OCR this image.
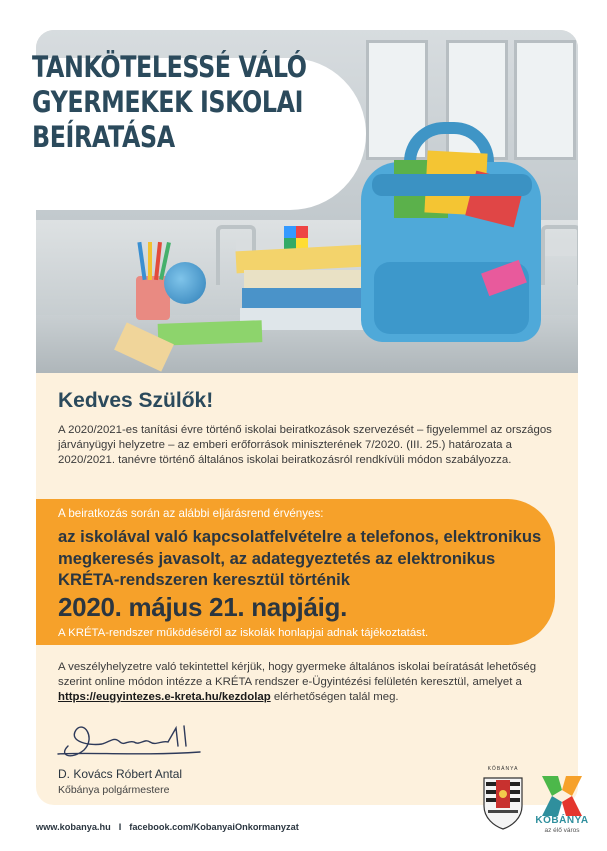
TANKÖTELESSÉ VÁLÓ
GYERMEKEK ISKOLAI
BEÍRATÁSA
Kedves Szülők!
A 2020/2021-es tanítási évre történő iskolai beiratkozások szervezését – figyelemmel az országos járványügyi helyzetre – az emberi erőforrások miniszterének 7/2020. (III. 25.) határozata a 2020/2021. tanévre történő általános iskolai beiratkozásról rendkívüli módon szabályozza.
A beiratkozás során az alábbi eljárásrend érvényes:
az iskolával való kapcsolatfelvételre a telefonos, elektronikus megkeresés javasolt, az adategyeztetés az elektronikus KRÉTA-rendszeren keresztül történik
2020. május 21. napjáig.
A KRÉTA-rendszer működéséről az iskolák honlapjai adnak tájékoztatást.
A veszélyhelyzetre való tekintettel kérjük, hogy gyermeke általános iskolai beíratását lehetőség szerint online módon intézze a KRÉTA rendszer e-Ügyintézési felületén keresztül, amelyet a https://eugyintezes.e-kreta.hu/kezdolap elérhetőségen talál meg.
D. Kovács Róbert Antal
Kőbánya polgármestere
KŐBÁNYA
KŐBÁNYA
az élő város
www.kobanya.hu I facebook.com/KobanyaiOnkormanyzat
